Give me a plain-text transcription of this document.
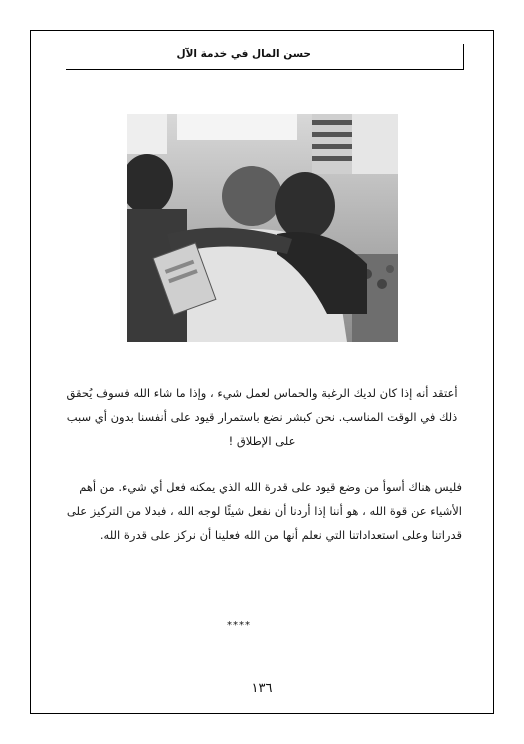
حسن المال في خدمة الآل

أعتقد أنه إذا كان لديك الرغبة والحماس لعمل شيء ، وإذا ما شاء الله فسوف يُحقق ذلك في الوقت المناسب. نحن كبشر نضع باستمرار قيود على أنفسنا بدون أي سبب على الإطلاق !

فليس هناك أسوأ من وضع قيود على قدرة الله الذي يمكنه فعل أي شيء. من أهم الأشياء عن قوة الله ، هو أننا إذا أردنا أن نفعل شيئًا لوجه الله ، فبدلا من التركيز على قدراتنا وعلى استعداداتنا التي نعلم أنها من الله فعلينا أن نركز على قدرة الله.

****
١٣٦
